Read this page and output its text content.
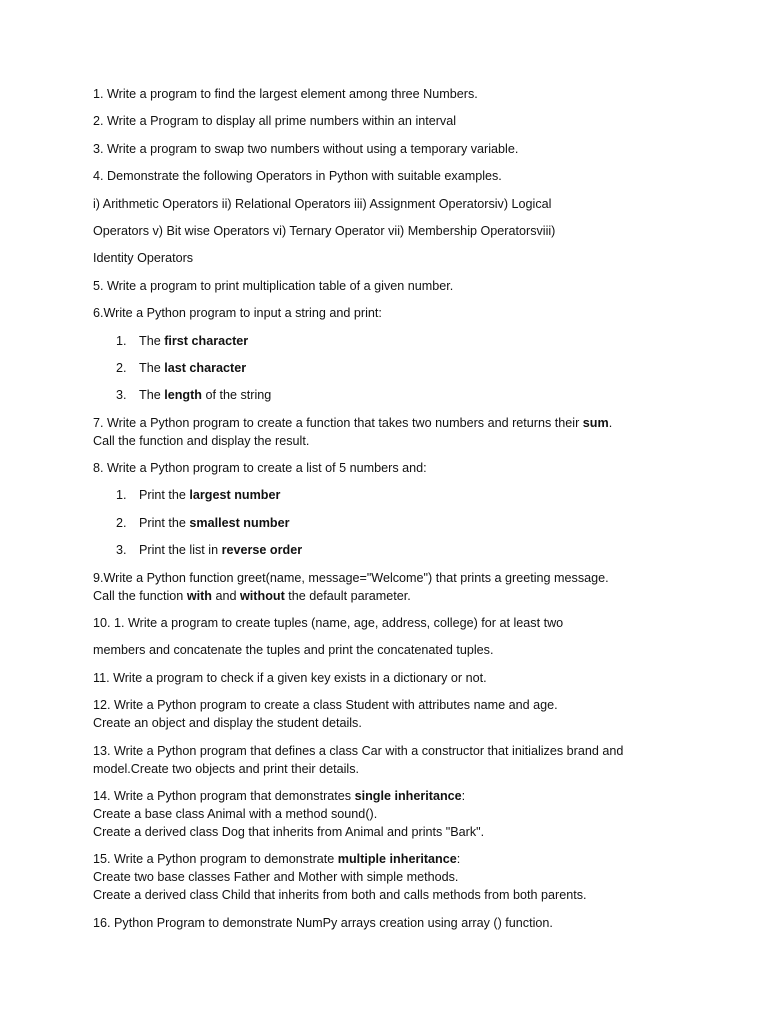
1. Write a program to find the largest element among three Numbers.

2. Write a Program to display all prime numbers within an interval

3. Write a program to swap two numbers without using a temporary variable.

4. Demonstrate the following Operators in Python with suitable examples.

i) Arithmetic Operators ii) Relational Operators iii) Assignment Operatorsiv) Logical

Operators v) Bit wise Operators vi) Ternary Operator vii) Membership Operatorsviii)

Identity Operators

5. Write a program to print multiplication table of a given number.

6.Write a Python program to input a string and print:

1. The first character
2. The last character
3. The length of the string

7. Write a Python program to create a function that takes two numbers and returns their sum.
Call the function and display the result.

8. Write a Python program to create a list of 5 numbers and:

1. Print the largest number
2. Print the smallest number
3. Print the list in reverse order

9.Write a Python function greet(name, message="Welcome") that prints a greeting message.
Call the function with and without the default parameter.

10. 1. Write a program to create tuples (name, age, address, college) for at least two

members and concatenate the tuples and print the concatenated tuples.

11. Write a program to check if a given key exists in a dictionary or not.

12. Write a Python program to create a class Student with attributes name and age.
Create an object and display the student details.

13. Write a Python program that defines a class Car with a constructor that initializes brand and
model.Create two objects and print their details.

14. Write a Python program that demonstrates single inheritance:
Create a base class Animal with a method sound().
Create a derived class Dog that inherits from Animal and prints "Bark".

15. Write a Python program to demonstrate multiple inheritance:
Create two base classes Father and Mother with simple methods.
Create a derived class Child that inherits from both and calls methods from both parents.

16. Python Program to demonstrate NumPy arrays creation using array () function.
